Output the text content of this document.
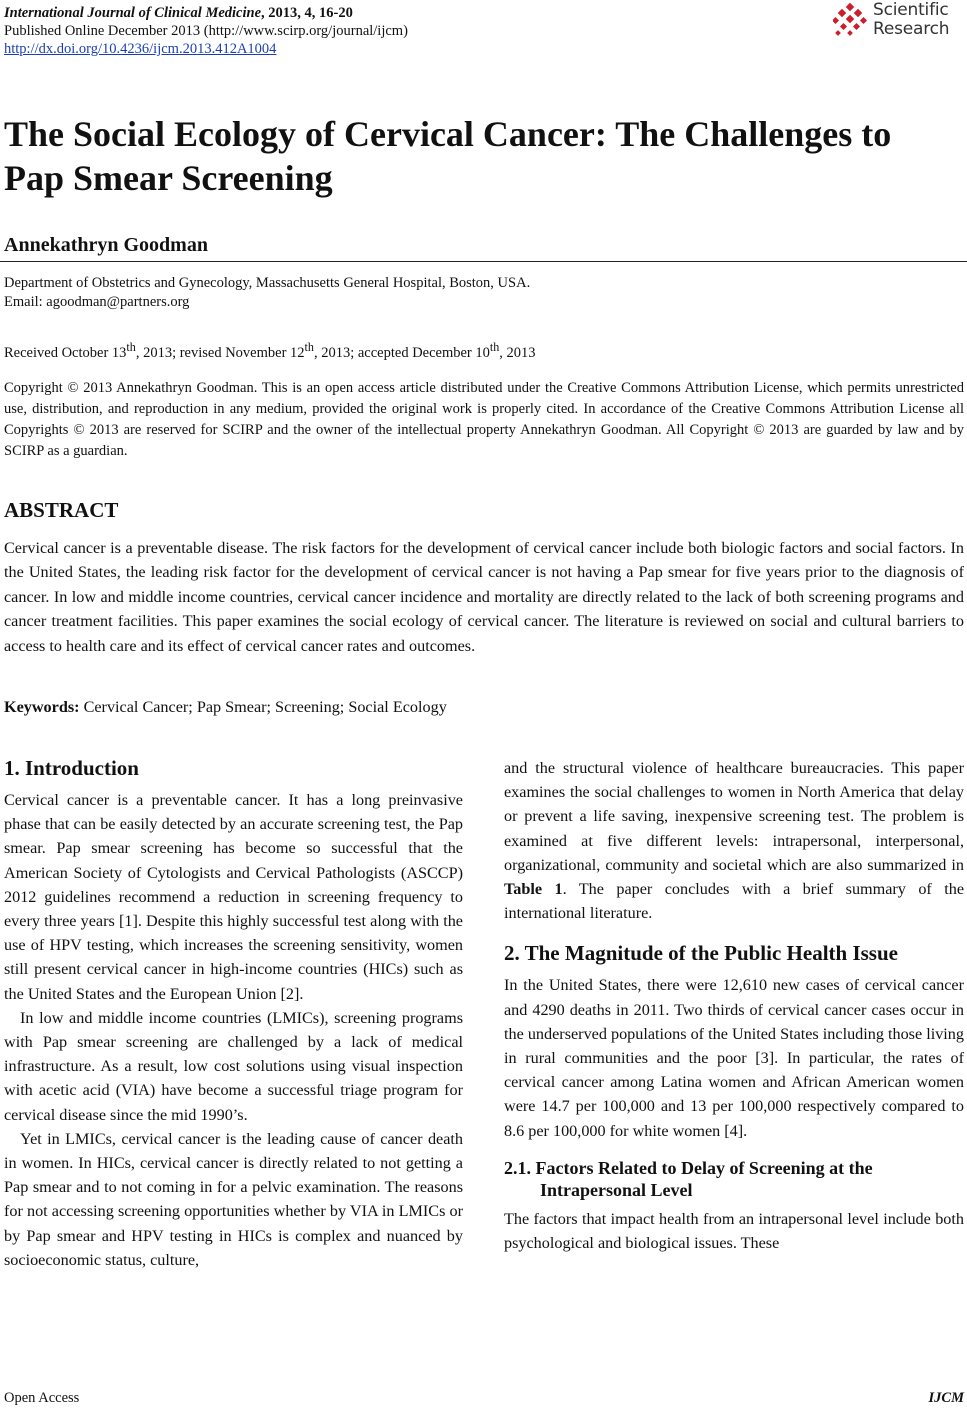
International Journal of Clinical Medicine, 2013, 4, 16-20
Published Online December 2013 (http://www.scirp.org/journal/ijcm)
http://dx.doi.org/10.4236/ijcm.2013.412A1004
Scientific
Research
The Social Ecology of Cervical Cancer: The Challenges to Pap Smear Screening
Annekathryn Goodman
Department of Obstetrics and Gynecology, Massachusetts General Hospital, Boston, USA.
Email: agoodman@partners.org
Received October 13th, 2013; revised November 12th, 2013; accepted December 10th, 2013
Copyright © 2013 Annekathryn Goodman. This is an open access article distributed under the Creative Commons Attribution License, which permits unrestricted use, distribution, and reproduction in any medium, provided the original work is properly cited. In accordance of the Creative Commons Attribution License all Copyrights © 2013 are reserved for SCIRP and the owner of the intellectual property Annekathryn Goodman. All Copyright © 2013 are guarded by law and by SCIRP as a guardian.
ABSTRACT
Cervical cancer is a preventable disease. The risk factors for the development of cervical cancer include both biologic factors and social factors. In the United States, the leading risk factor for the development of cervical cancer is not having a Pap smear for five years prior to the diagnosis of cancer. In low and middle income countries, cervical cancer incidence and mortality are directly related to the lack of both screening programs and cancer treatment facilities. This paper examines the social ecology of cervical cancer. The literature is reviewed on social and cultural barriers to access to health care and its effect of cervical cancer rates and outcomes.
Keywords: Cervical Cancer; Pap Smear; Screening; Social Ecology
1. Introduction

Cervical cancer is a preventable cancer. It has a long preinvasive phase that can be easily detected by an accurate screening test, the Pap smear. Pap smear screening has become so successful that the American Society of Cytologists and Cervical Pathologists (ASCCP) 2012 guidelines recommend a reduction in screening frequency to every three years [1]. Despite this highly successful test along with the use of HPV testing, which increases the screening sensitivity, women still present cervical cancer in high-income countries (HICs) such as the United States and the European Union [2].

In low and middle income countries (LMICs), screening programs with Pap smear screening are challenged by a lack of medical infrastructure. As a result, low cost solutions using visual inspection with acetic acid (VIA) have become a successful triage program for cervical disease since the mid 1990’s.

Yet in LMICs, cervical cancer is the leading cause of cancer death in women. In HICs, cervical cancer is directly related to not getting a Pap smear and to not coming in for a pelvic examination. The reasons for not accessing screening opportunities whether by VIA in LMICs or by Pap smear and HPV testing in HICs is complex and nuanced by socioeconomic status, culture,

and the structural violence of healthcare bureaucracies. This paper examines the social challenges to women in North America that delay or prevent a life saving, inexpensive screening test. The problem is examined at five different levels: intrapersonal, interpersonal, organizational, community and societal which are also summarized in Table 1. The paper concludes with a brief summary of the international literature.

2. The Magnitude of the Public Health Issue

In the United States, there were 12,610 new cases of cervical cancer and 4290 deaths in 2011. Two thirds of cervical cancer cases occur in the underserved populations of the United States including those living in rural communities and the poor [3]. In particular, the rates of cervical cancer among Latina women and African American women were 14.7 per 100,000 and 13 per 100,000 respectively compared to 8.6 per 100,000 for white women [4].

2.1. Factors Related to Delay of Screening at the Intrapersonal Level

The factors that impact health from an intrapersonal level include both psychological and biological issues. These

Open Access	IJCM
